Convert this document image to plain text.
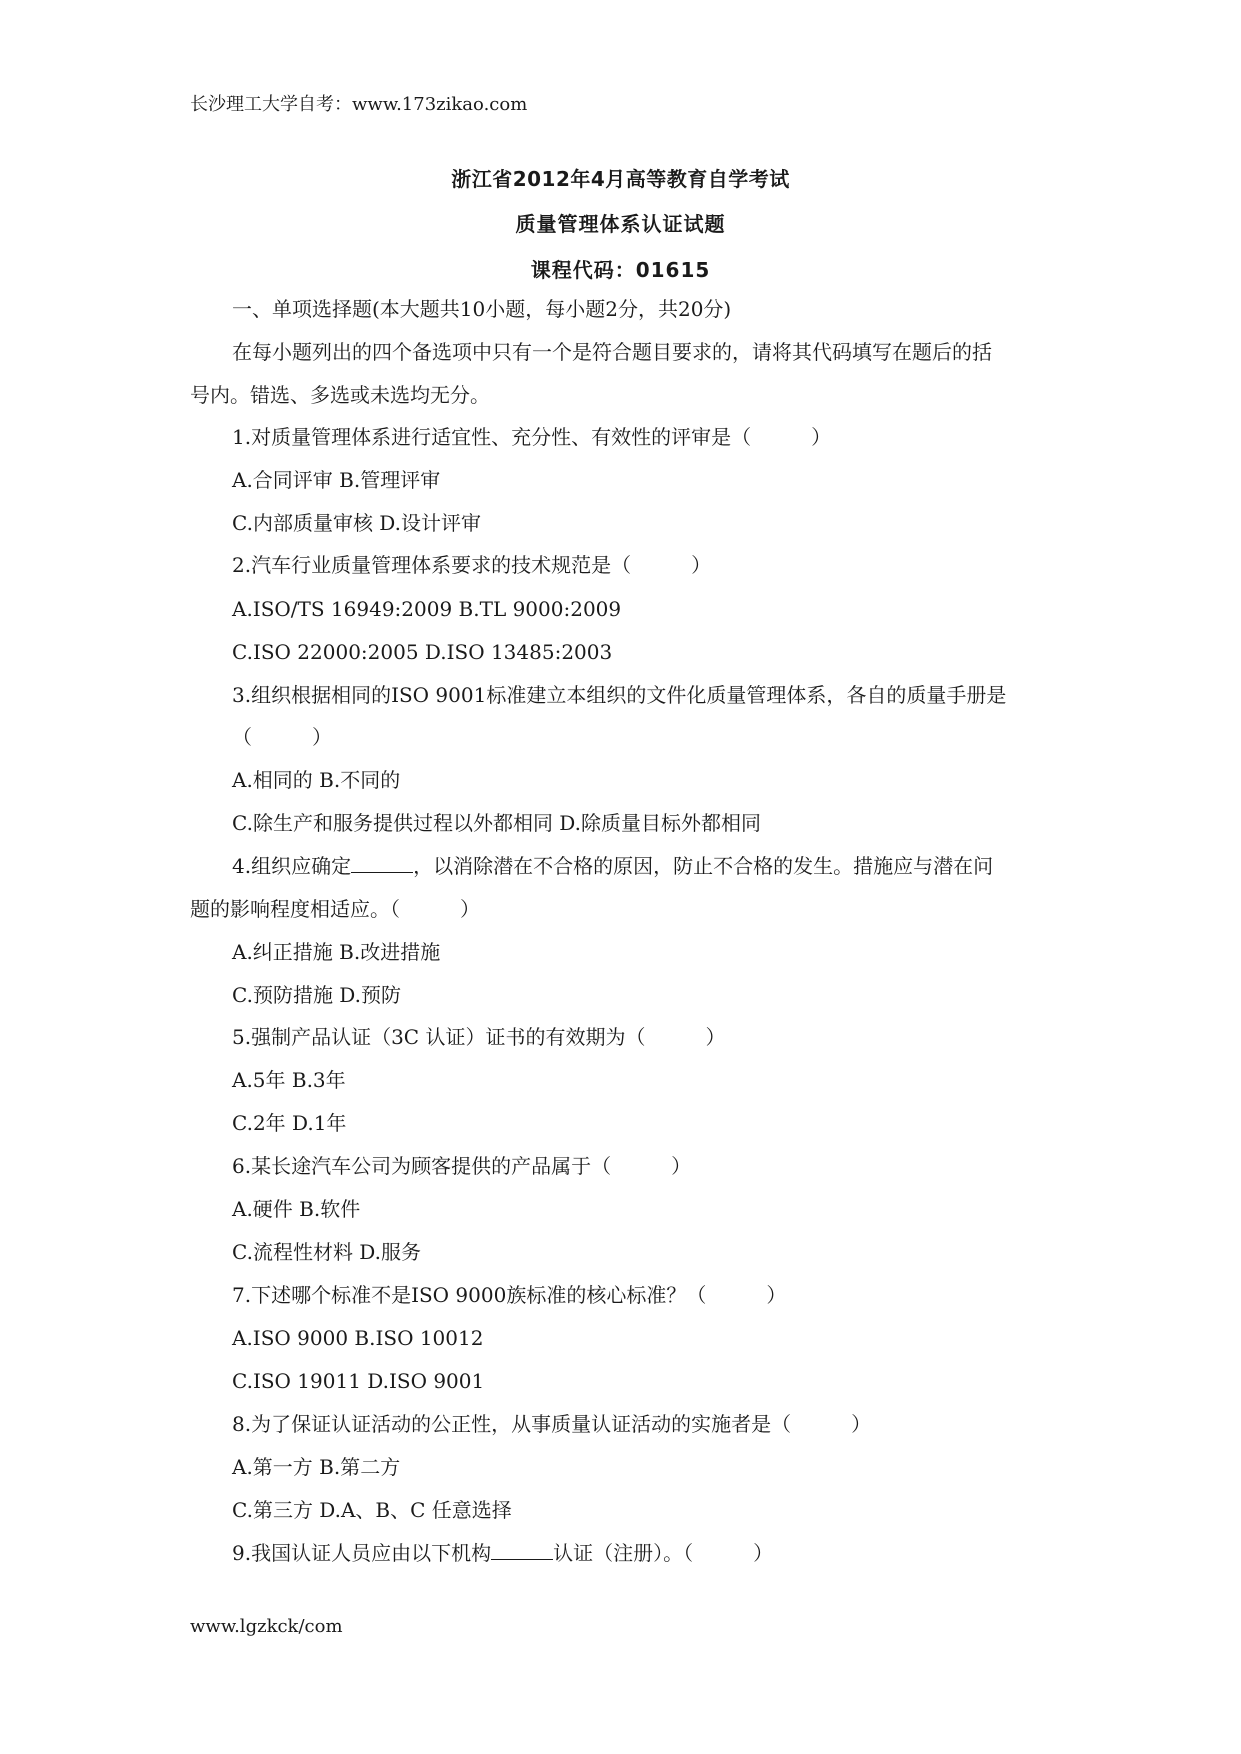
长沙理工大学自考：www.173zikao.com
浙江省2012年4月高等教育自学考试
质量管理体系认证试题
课程代码：01615
一、单项选择题(本大题共10小题，每小题2分，共20分)
在每小题列出的四个备选项中只有一个是符合题目要求的，请将其代码填写在题后的括
号内。错选、多选或未选均无分。
1.对质量管理体系进行适宜性、充分性、有效性的评审是（　　　）
A.合同评审 B.管理评审
C.内部质量审核 D.设计评审
2.汽车行业质量管理体系要求的技术规范是（　　　）
A.ISO/TS 16949:2009 B.TL 9000:2009
C.ISO 22000:2005 D.ISO 13485:2003
3.组织根据相同的ISO 9001标准建立本组织的文件化质量管理体系，各自的质量手册是
（　　　）
A.相同的 B.不同的
C.除生产和服务提供过程以外都相同 D.除质量目标外都相同
4.组织应确定	，以消除潜在不合格的原因，防止不合格的发生。措施应与潜在问
题的影响程度相适应。（　　　）
A.纠正措施 B.改进措施
C.预防措施 D.预防
5.强制产品认证（3C 认证）证书的有效期为（　　　）
A.5年 B.3年
C.2年 D.1年
6.某长途汽车公司为顾客提供的产品属于（　　　）
A.硬件 B.软件
C.流程性材料 D.服务
7.下述哪个标准不是ISO 9000族标准的核心标准？（　　　）
A.ISO 9000 B.ISO 10012
C.ISO 19011 D.ISO 9001
8.为了保证认证活动的公正性，从事质量认证活动的实施者是（　　　）
A.第一方 B.第二方
C.第三方 D.A、B、C 任意选择
9.我国认证人员应由以下机构	认证（注册）。（　　　）
www.lgzkck/com
